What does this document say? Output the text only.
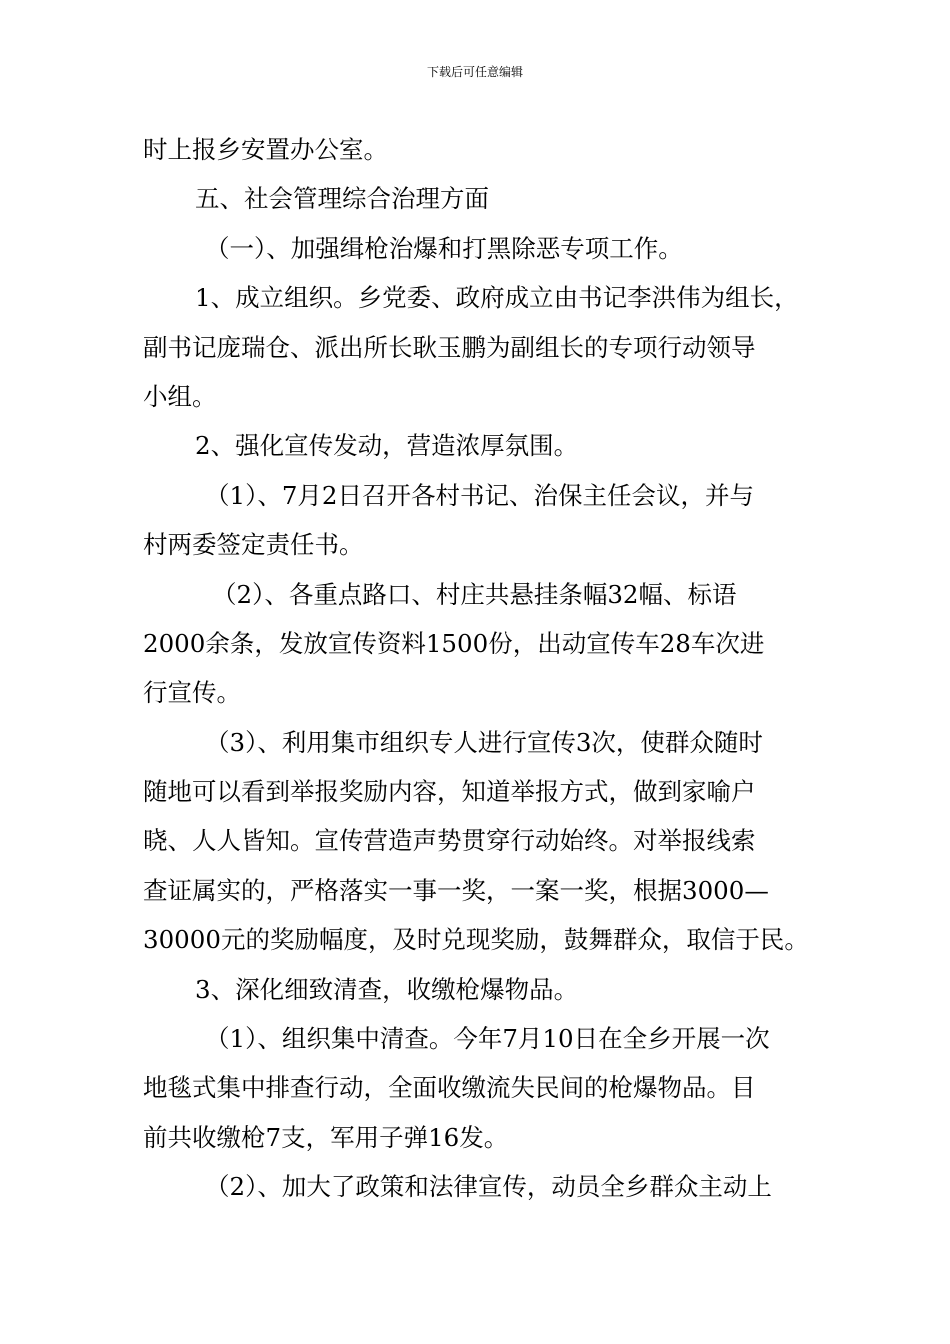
下载后可任意编辑
时上报乡安置办公室。
五、社会管理综合治理方面
（一）、加强缉枪治爆和打黑除恶专项工作。
1、成立组织。乡党委、政府成立由书记李洪伟为组长，
副书记庞瑞仓、派出所长耿玉鹏为副组长的专项行动领导
小组。
2、强化宣传发动，营造浓厚氛围。
（1）、7月2日召开各村书记、治保主任会议，并与
村两委签定责任书。
（2）、各重点路口、村庄共悬挂条幅32幅、标语
2000余条，发放宣传资料1500份，出动宣传车28车次进
行宣传。
（3）、利用集市组织专人进行宣传3次，使群众随时
随地可以看到举报奖励内容，知道举报方式，做到家喻户
晓、人人皆知。宣传营造声势贯穿行动始终。对举报线索
查证属实的，严格落实一事一奖，一案一奖，根据3000—
30000元的奖励幅度，及时兑现奖励，鼓舞群众，取信于民。
3、深化细致清查，收缴枪爆物品。
（1）、组织集中清查。今年7月10日在全乡开展一次
地毯式集中排查行动，全面收缴流失民间的枪爆物品。目
前共收缴枪7支，军用子弹16发。
（2）、加大了政策和法律宣传，动员全乡群众主动上
